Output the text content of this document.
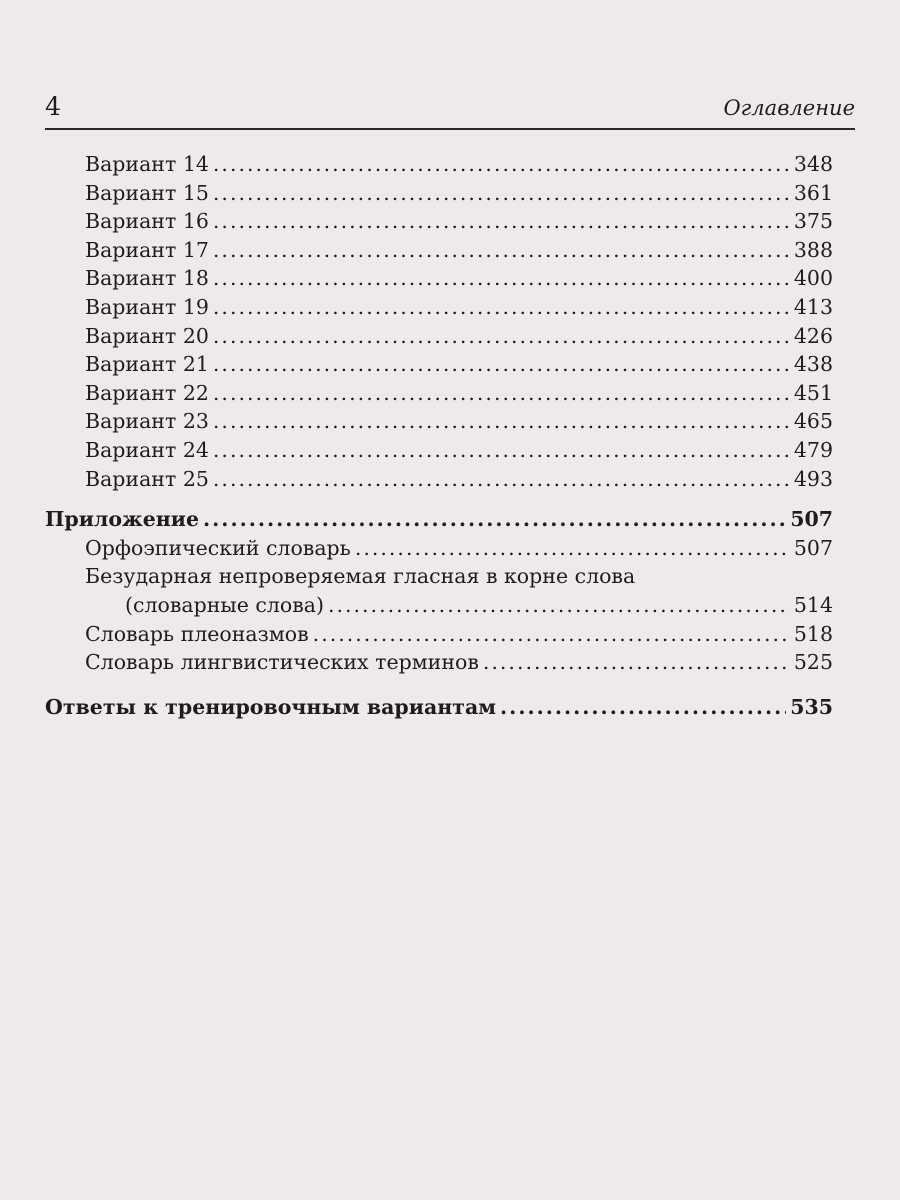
4	Оглавление
Вариант 14 .....	348
Вариант 15 .....	361
Вариант 16 .....	375
Вариант 17 .....	388
Вариант 18 .....	400
Вариант 19 .....	413
Вариант 20 .....	426
Вариант 21 .....	438
Вариант 22 .....	451
Вариант 23 .....	465
Вариант 24 .....	479
Вариант 25 .....	493
Приложение .....	507
Орфоэпический словарь .....	507
Безударная непроверяемая гласная в корне слова
(словарные слова) .....	514
Словарь плеоназмов .....	518
Словарь лингвистических терминов .....	525
Ответы к тренировочным вариантам .....	535
